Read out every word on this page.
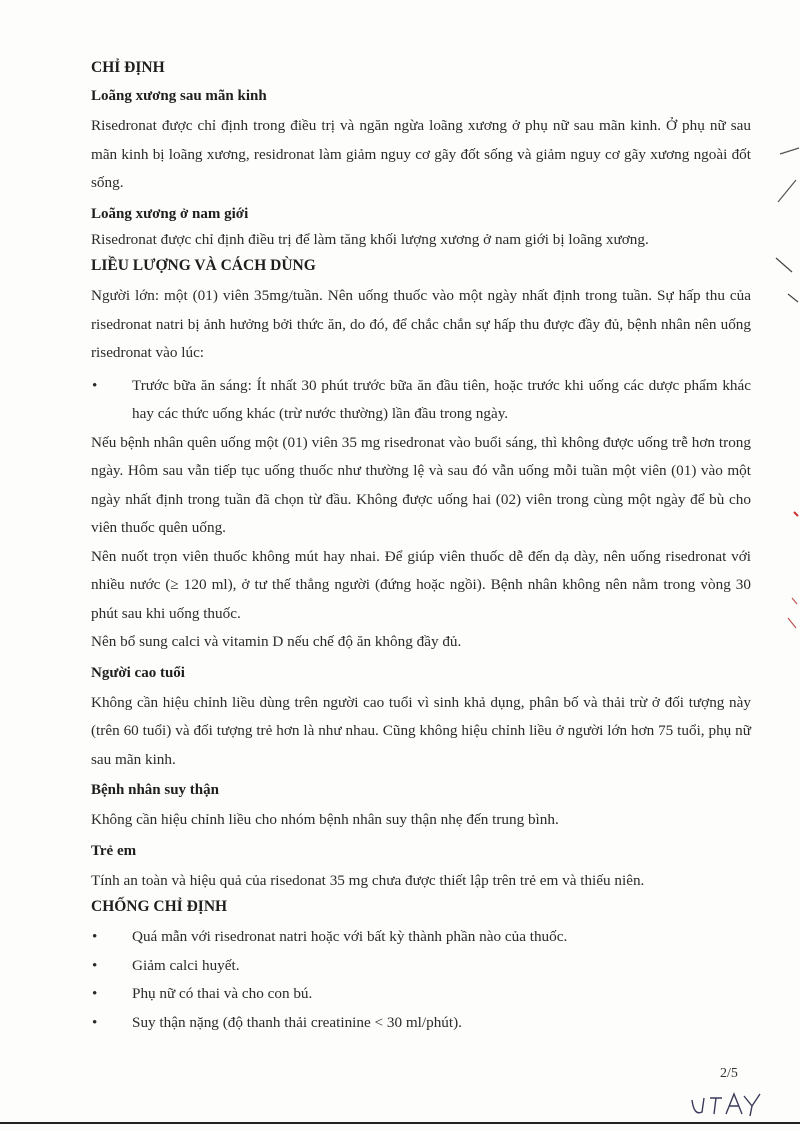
CHỈ ĐỊNH
Loãng xương sau mãn kinh
Risedronat được chỉ định trong điều trị và ngăn ngừa loãng xương ở phụ nữ sau mãn kinh. Ở phụ nữ sau mãn kinh bị loãng xương, residronat làm giảm nguy cơ gãy đốt sống và giảm nguy cơ gãy xương ngoài đốt sống.
Loãng xương ở nam giới
Risedronat được chỉ định điều trị để làm tăng khối lượng xương ở nam giới bị loãng xương.
LIỀU LƯỢNG VÀ CÁCH DÙNG
Người lớn: một (01) viên 35mg/tuần. Nên uống thuốc vào một ngày nhất định trong tuần. Sự hấp thu của risedronat natri bị ảnh hưởng bởi thức ăn, do đó, để chắc chắn sự hấp thu được đầy đủ, bệnh nhân nên uống risedronat vào lúc:
• Trước bữa ăn sáng: Ít nhất 30 phút trước bữa ăn đầu tiên, hoặc trước khi uống các dược phẩm khác hay các thức uống khác (trừ nước thường) lần đầu trong ngày.
Nếu bệnh nhân quên uống một (01) viên 35 mg risedronat vào buổi sáng, thì không được uống trễ hơn trong ngày. Hôm sau vẫn tiếp tục uống thuốc như thường lệ và sau đó vẫn uống mỗi tuần một viên (01) vào một ngày nhất định trong tuần đã chọn từ đầu. Không được uống hai (02) viên trong cùng một ngày để bù cho viên thuốc quên uống.
Nên nuốt trọn viên thuốc không mút hay nhai. Để giúp viên thuốc dễ đến dạ dày, nên uống risedronat với nhiều nước (≥ 120 ml), ở tư thế thẳng người (đứng hoặc ngồi). Bệnh nhân không nên nằm trong vòng 30 phút sau khi uống thuốc.
Nên bổ sung calci và vitamin D nếu chế độ ăn không đầy đủ.
Người cao tuổi
Không cần hiệu chỉnh liều dùng trên người cao tuổi vì sinh khả dụng, phân bố và thải trừ ở đối tượng này (trên 60 tuổi) và đối tượng trẻ hơn là như nhau. Cũng không hiệu chỉnh liều ở người lớn hơn 75 tuổi, phụ nữ sau mãn kinh.
Bệnh nhân suy thận
Không cần hiệu chỉnh liều cho nhóm bệnh nhân suy thận nhẹ đến trung bình.
Trẻ em
Tính an toàn và hiệu quả của risedonat 35 mg chưa được thiết lập trên trẻ em và thiếu niên.
CHỐNG CHỈ ĐỊNH
• Quá mẫn với risedronat natri hoặc với bất kỳ thành phần nào của thuốc.
• Giảm calci huyết.
• Phụ nữ có thai và cho con bú.
• Suy thận nặng (độ thanh thải creatinine < 30 ml/phút).
2/5
